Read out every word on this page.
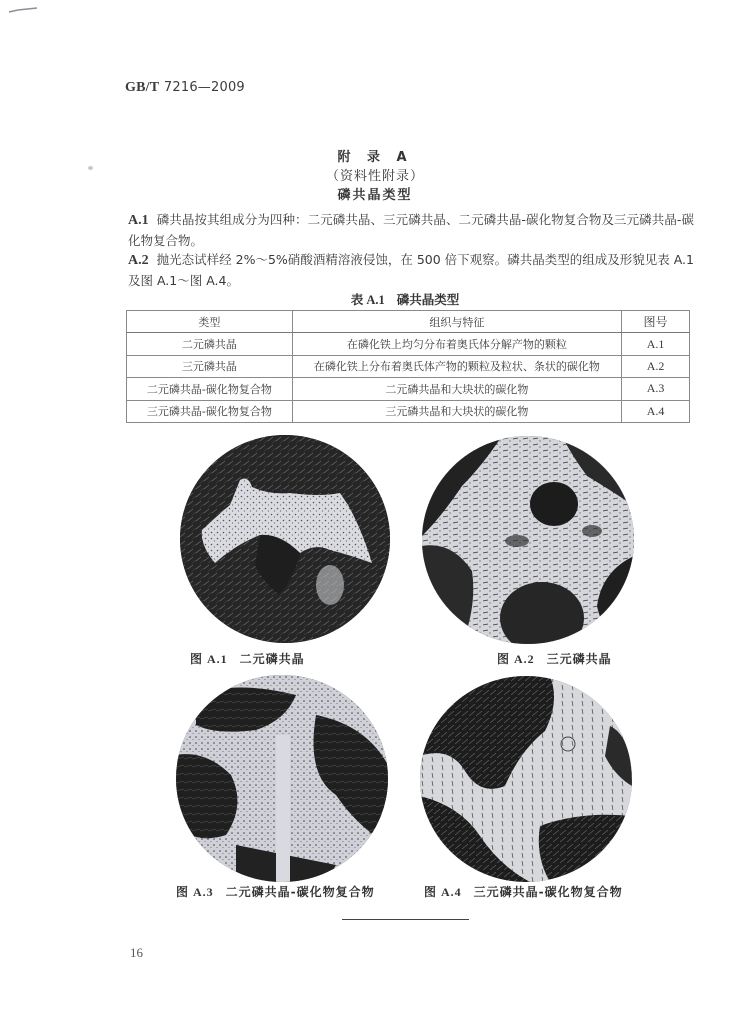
GB/T 7216—2009
附 录 A
（资料性附录）
磷共晶类型
A.1 磷共晶按其组成分为四种：二元磷共晶、三元磷共晶、二元磷共晶-碳化物复合物及三元磷共晶-碳化物复合物。
A.2 抛光态试样经 2%～5%硝酸酒精溶液侵蚀，在 500 倍下观察。磷共晶类型的组成及形貌见表 A.1 及图 A.1～图 A.4。
表 A.1 磷共晶类型
类型	组织与特征	图号
二元磷共晶	在磷化铁上均匀分布着奥氏体分解产物的颗粒	A.1
三元磷共晶	在磷化铁上分布着奥氏体产物的颗粒及粒状、条状的碳化物	A.2
二元磷共晶-碳化物复合物	二元磷共晶和大块状的碳化物	A.3
三元磷共晶-碳化物复合物	三元磷共晶和大块状的碳化物	A.4
图 A.1 二元磷共晶	图 A.2 三元磷共晶
图 A.3 二元磷共晶-碳化物复合物	图 A.4 三元磷共晶-碳化物复合物
16
